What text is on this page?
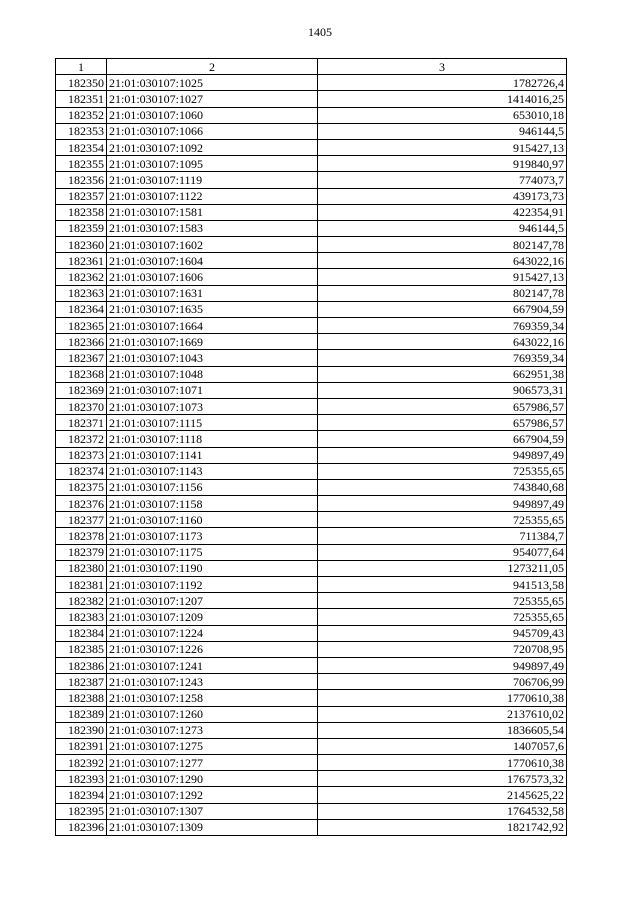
1405
1	2	3
182350	21:01:030107:1025	1782726,4
182351	21:01:030107:1027	1414016,25
182352	21:01:030107:1060	653010,18
182353	21:01:030107:1066	946144,5
182354	21:01:030107:1092	915427,13
182355	21:01:030107:1095	919840,97
182356	21:01:030107:1119	774073,7
182357	21:01:030107:1122	439173,73
182358	21:01:030107:1581	422354,91
182359	21:01:030107:1583	946144,5
182360	21:01:030107:1602	802147,78
182361	21:01:030107:1604	643022,16
182362	21:01:030107:1606	915427,13
182363	21:01:030107:1631	802147,78
182364	21:01:030107:1635	667904,59
182365	21:01:030107:1664	769359,34
182366	21:01:030107:1669	643022,16
182367	21:01:030107:1043	769359,34
182368	21:01:030107:1048	662951,38
182369	21:01:030107:1071	906573,31
182370	21:01:030107:1073	657986,57
182371	21:01:030107:1115	657986,57
182372	21:01:030107:1118	667904,59
182373	21:01:030107:1141	949897,49
182374	21:01:030107:1143	725355,65
182375	21:01:030107:1156	743840,68
182376	21:01:030107:1158	949897,49
182377	21:01:030107:1160	725355,65
182378	21:01:030107:1173	711384,7
182379	21:01:030107:1175	954077,64
182380	21:01:030107:1190	1273211,05
182381	21:01:030107:1192	941513,58
182382	21:01:030107:1207	725355,65
182383	21:01:030107:1209	725355,65
182384	21:01:030107:1224	945709,43
182385	21:01:030107:1226	720708,95
182386	21:01:030107:1241	949897,49
182387	21:01:030107:1243	706706,99
182388	21:01:030107:1258	1770610,38
182389	21:01:030107:1260	2137610,02
182390	21:01:030107:1273	1836605,54
182391	21:01:030107:1275	1407057,6
182392	21:01:030107:1277	1770610,38
182393	21:01:030107:1290	1767573,32
182394	21:01:030107:1292	2145625,22
182395	21:01:030107:1307	1764532,58
182396	21:01:030107:1309	1821742,92
